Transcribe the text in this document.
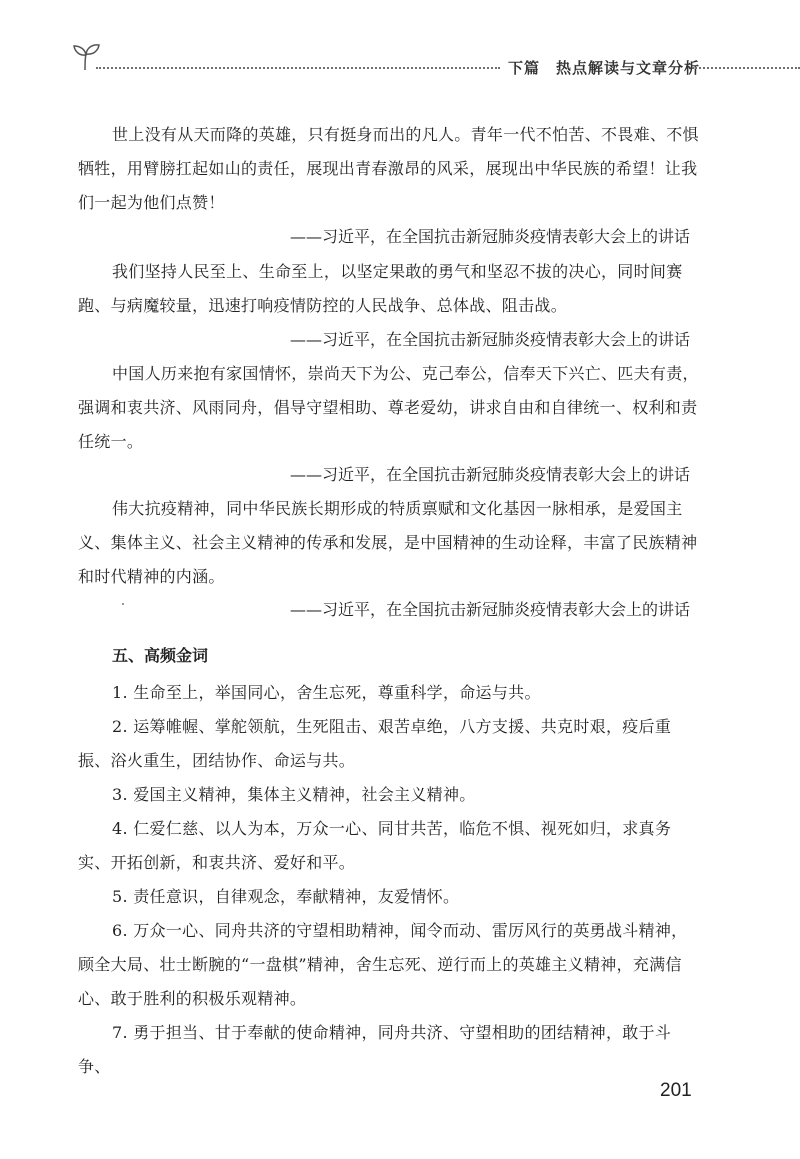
下篇　热点解读与文章分析

世上没有从天而降的英雄，只有挺身而出的凡人。青年一代不怕苦、不畏难、不惧牺牲，用臂膀扛起如山的责任，展现出青春激昂的风采，展现出中华民族的希望！让我们一起为他们点赞！

——习近平，在全国抗击新冠肺炎疫情表彰大会上的讲话

我们坚持人民至上、生命至上，以坚定果敢的勇气和坚忍不拔的决心，同时间赛跑、与病魔较量，迅速打响疫情防控的人民战争、总体战、阻击战。

——习近平，在全国抗击新冠肺炎疫情表彰大会上的讲话

中国人历来抱有家国情怀，崇尚天下为公、克己奉公，信奉天下兴亡、匹夫有责，强调和衷共济、风雨同舟，倡导守望相助、尊老爱幼，讲求自由和自律统一、权利和责任统一。

——习近平，在全国抗击新冠肺炎疫情表彰大会上的讲话

伟大抗疫精神，同中华民族长期形成的特质禀赋和文化基因一脉相承，是爱国主义、集体主义、社会主义精神的传承和发展，是中国精神的生动诠释，丰富了民族精神和时代精神的内涵。

——习近平，在全国抗击新冠肺炎疫情表彰大会上的讲话

五、高频金词

1. 生命至上，举国同心，舍生忘死，尊重科学，命运与共。

2. 运筹帷幄、掌舵领航，生死阻击、艰苦卓绝，八方支援、共克时艰，疫后重振、浴火重生，团结协作、命运与共。

3. 爱国主义精神，集体主义精神，社会主义精神。

4. 仁爱仁慈、以人为本，万众一心、同甘共苦，临危不惧、视死如归，求真务实、开拓创新，和衷共济、爱好和平。

5. 责任意识，自律观念，奉献精神，友爱情怀。

6. 万众一心、同舟共济的守望相助精神，闻令而动、雷厉风行的英勇战斗精神，顾全大局、壮士断腕的“一盘棋”精神，舍生忘死、逆行而上的英雄主义精神，充满信心、敢于胜利的积极乐观精神。

7. 勇于担当、甘于奉献的使命精神，同舟共济、守望相助的团结精神，敢于斗争、

201
